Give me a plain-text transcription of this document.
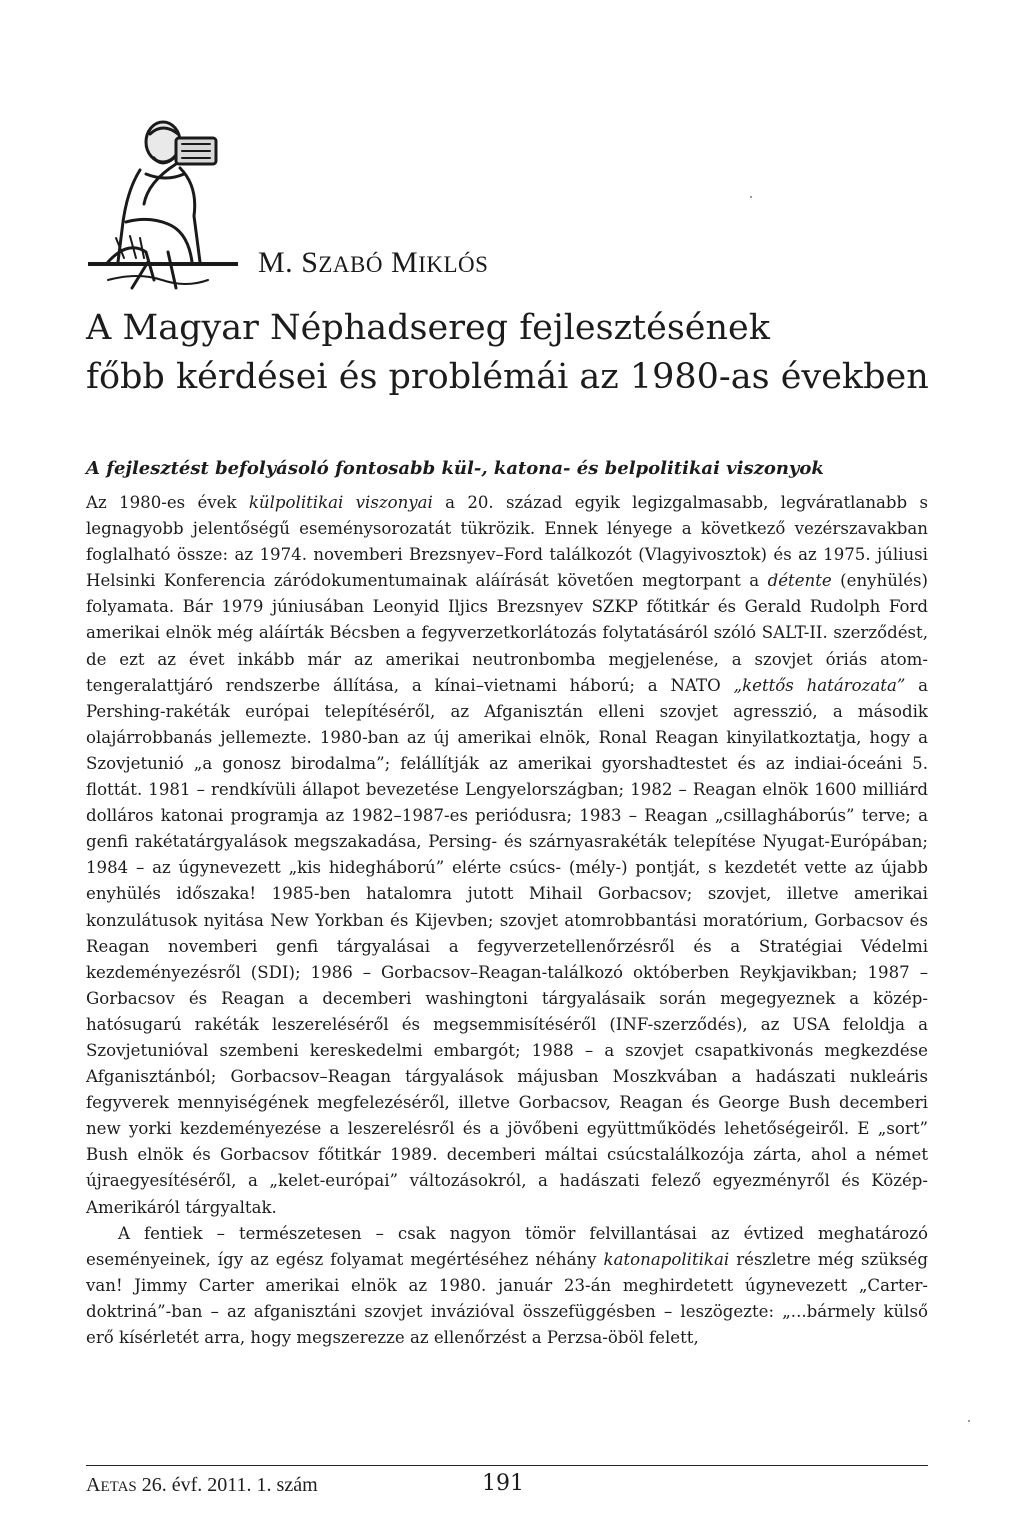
M. SZABÓ MIKLÓS
A Magyar Néphadsereg fejlesztésének
főbb kérdései és problémái az 1980-as években
A fejlesztést befolyásoló fontosabb kül-, katona- és belpolitikai viszonyok

Az 1980-es évek külpolitikai viszonyai a 20. század egyik legizgalmasabb, legváratlanabb s legnagyobb jelentőségű eseménysorozatát tükrözik. Ennek lényege a következő vezérszavakban foglalható össze: az 1974. novemberi Brezsnyev–Ford találkozót (Vlagyivosztok) és az 1975. júliusi Helsinki Konferencia záródokumentumainak aláírását követően megtorpant a détente (enyhülés) folyamata. Bár 1979 júniusában Leonyid Iljics Brezsnyev SZKP főtitkár és Gerald Rudolph Ford amerikai elnök még aláírták Bécsben a fegyverzetkorlátozás folytatásáról szóló SALT-II. szerződést, de ezt az évet inkább már az amerikai neutronbomba megjelenése, a szovjet óriás atom-tengeralattjáró rendszerbe állítása, a kínai–vietnami háború; a NATO „kettős határozata” a Pershing-rakéták európai telepítéséről, az Afganisztán elleni szovjet agresszió, a második olajárrobbanás jellemezte. 1980-ban az új amerikai elnök, Ronal Reagan kinyilatkoztatja, hogy a Szovjetunió „a gonosz birodalma”; felállítják az amerikai gyorshadtestet és az indiai-óceáni 5. flottát. 1981 – rendkívüli állapot bevezetése Lengyelországban; 1982 – Reagan elnök 1600 milliárd dolláros katonai programja az 1982–1987-es periódusra; 1983 – Reagan „csillagháborús” terve; a genfi rakétatárgyalások megszakadása, Persing- és szárnyasrakéták telepítése Nyugat-Európában; 1984 – az úgynevezett „kis hidegháború” elérte csúcs- (mély-) pontját, s kezdetét vette az újabb enyhülés időszaka! 1985-ben hatalomra jutott Mihail Gorbacsov; szovjet, illetve amerikai konzulátusok nyitása New Yorkban és Kijevben; szovjet atomrobbantási moratórium, Gorbacsov és Reagan novemberi genfi tárgyalásai a fegyverzetellenőrzésről és a Stratégiai Védelmi kezdeményezésről (SDI); 1986 – Gorbacsov–Reagan-találkozó októberben Reykjavikban; 1987 – Gorbacsov és Reagan a decemberi washingtoni tárgyalásaik során megegyeznek a közép-hatósugarú rakéták leszereléséről és megsemmisítéséről (INF-szerződés), az USA feloldja a Szovjetunióval szembeni kereskedelmi embargót; 1988 – a szovjet csapatkivonás megkezdése Afganisztánból; Gorbacsov–Reagan tárgyalások májusban Moszkvában a hadászati nukleáris fegyverek mennyiségének megfelezéséről, illetve Gorbacsov, Reagan és George Bush decemberi new yorki kezdeményezése a leszerelésről és a jövőbeni együttműködés lehetőségeiről. E „sort” Bush elnök és Gorbacsov főtitkár 1989. decemberi máltai csúcstalálkozója zárta, ahol a német újraegyesítéséről, a „kelet-európai” változásokról, a hadászati felező egyezményről és Közép-Amerikáról tárgyaltak.

A fentiek – természetesen – csak nagyon tömör felvillantásai az évtized meghatározó eseményeinek, így az egész folyamat megértéséhez néhány katonapolitikai részletre még szükség van! Jimmy Carter amerikai elnök az 1980. január 23-án meghirdetett úgynevezett „Carter-doktriná”-ban – az afganisztáni szovjet invázióval összefüggésben – leszögezte: „...bármely külső erő kísérletét arra, hogy megszerezze az ellenőrzést a Perzsa-öböl felett,

AETAS 26. évf. 2011. 1. szám	191
